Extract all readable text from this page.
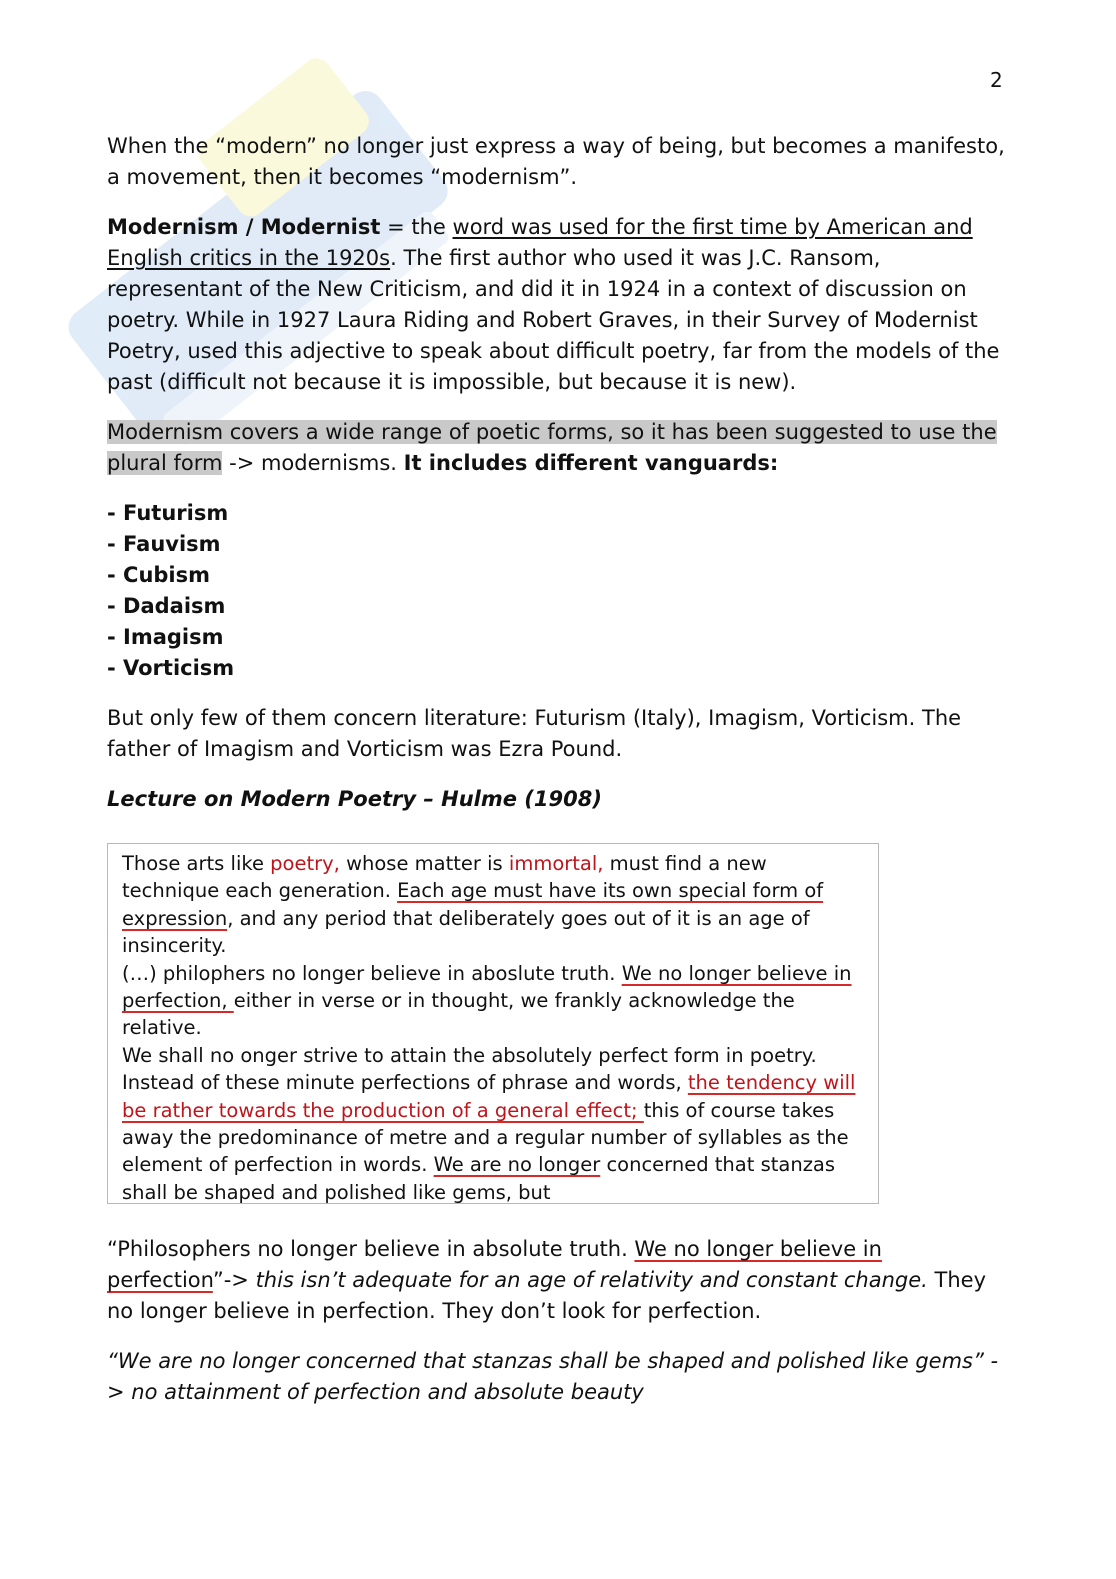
2

When the “modern” no longer just express a way of being, but becomes a manifesto, a movement, then it becomes “modernism”.

Modernism / Modernist = the word was used for the first time by American and English critics in the 1920s. The first author who used it was J.C. Ransom, representant of the New Criticism, and did it in 1924 in a context of discussion on poetry. While in 1927 Laura Riding and Robert Graves, in their Survey of Modernist Poetry, used this adjective to speak about difficult poetry, far from the models of the past (difficult not because it is impossible, but because it is new).

Modernism covers a wide range of poetic forms, so it has been suggested to use the plural form -> modernisms. It includes different vanguards:

- Futurism
- Fauvism
- Cubism
- Dadaism
- Imagism
- Vorticism

But only few of them concern literature: Futurism (Italy), Imagism, Vorticism. The father of Imagism and Vorticism was Ezra Pound.

Lecture on Modern Poetry – Hulme (1908)

Those arts like poetry, whose matter is immortal, must find a new technique each generation. Each age must have its own special form of expression, and any period that deliberately goes out of it is an age of insincerity.

(…) philophers no longer believe in aboslute truth. We no longer believe in perfection, either in verse or in thought, we frankly acknowledge the relative.

We shall no onger strive to attain the absolutely perfect form in poetry.

Instead of these minute perfections of phrase and words, the tendency will be rather towards the production of a general effect; this of course takes away the predominance of metre and a regular number of syllables as the element of perfection in words. We are no longer concerned that stanzas shall be shaped and polished like gems, but

“Philosophers no longer believe in absolute truth. We no longer believe in perfection”-> this isn’t adequate for an age of relativity and constant change. They no longer believe in perfection. They don’t look for perfection.

“We are no longer concerned that stanzas shall be shaped and polished like gems” -> no attainment of perfection and absolute beauty
